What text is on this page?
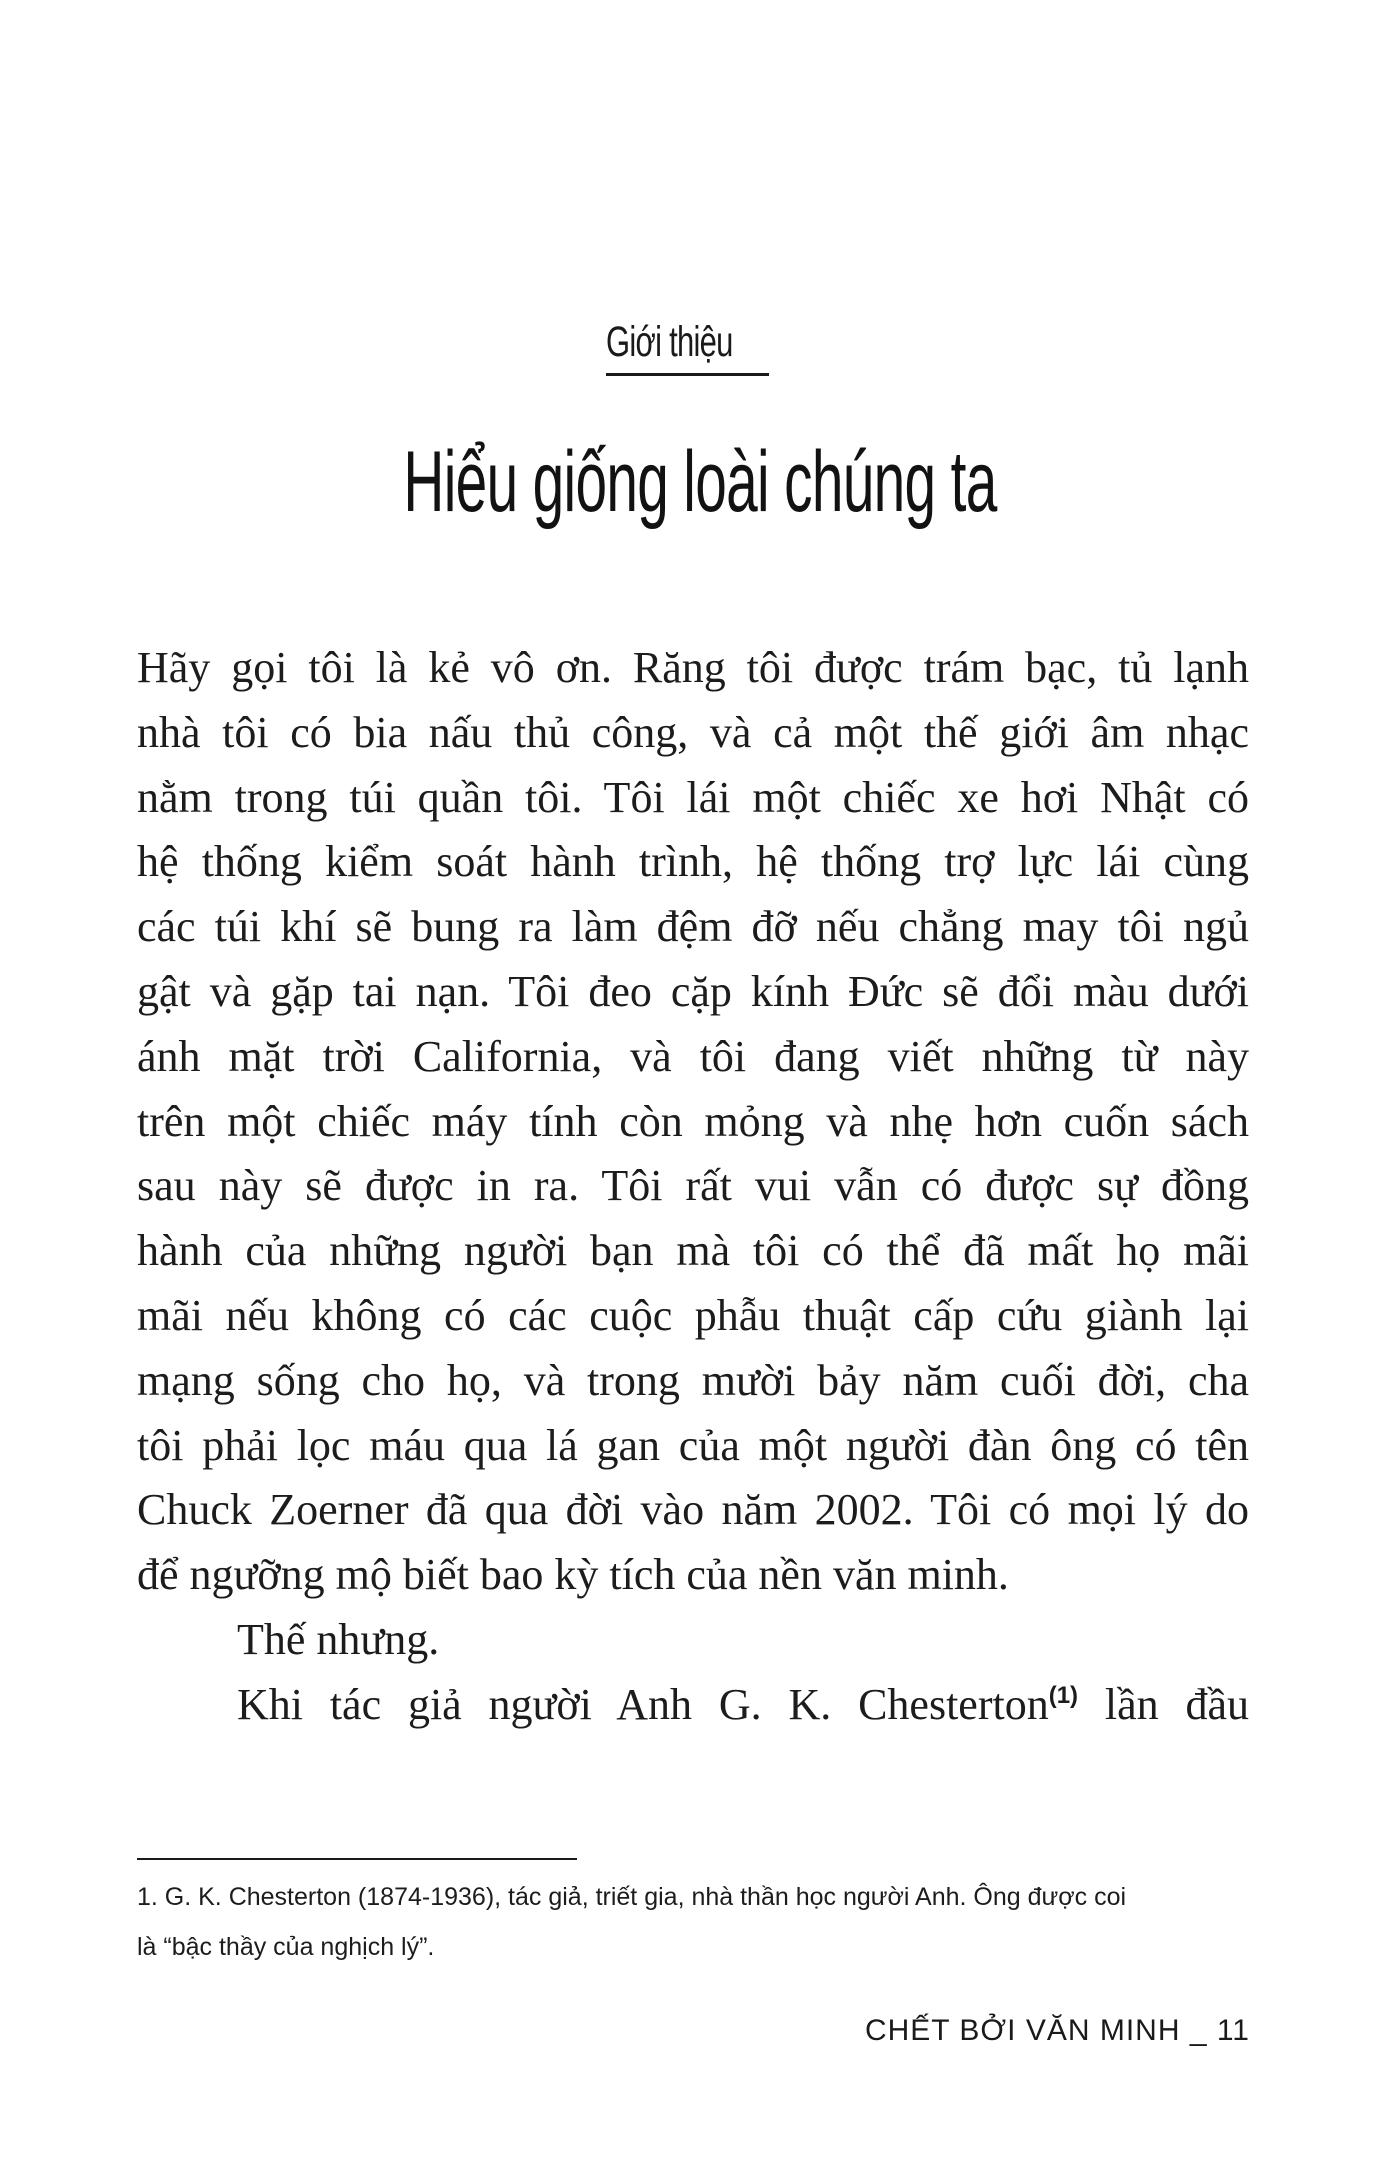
Giới thiệu
Hiểu giống loài chúng ta
Hãy gọi tôi là kẻ vô ơn. Răng tôi được trám bạc, tủ lạnh
nhà tôi có bia nấu thủ công, và cả một thế giới âm nhạc
nằm trong túi quần tôi. Tôi lái một chiếc xe hơi Nhật có
hệ thống kiểm soát hành trình, hệ thống trợ lực lái cùng
các túi khí sẽ bung ra làm đệm đỡ nếu chẳng may tôi ngủ
gật và gặp tai nạn. Tôi đeo cặp kính Đức sẽ đổi màu dưới
ánh mặt trời California, và tôi đang viết những từ này
trên một chiếc máy tính còn mỏng và nhẹ hơn cuốn sách
sau này sẽ được in ra. Tôi rất vui vẫn có được sự đồng
hành của những người bạn mà tôi có thể đã mất họ mãi
mãi nếu không có các cuộc phẫu thuật cấp cứu giành lại
mạng sống cho họ, và trong mười bảy năm cuối đời, cha
tôi phải lọc máu qua lá gan của một người đàn ông có tên
Chuck Zoerner đã qua đời vào năm 2002. Tôi có mọi lý do
để ngưỡng mộ biết bao kỳ tích của nền văn minh.
Thế nhưng.
Khi tác giả người Anh G. K. Chesterton$^{(1)}$ lần đầu
1. G. K. Chesterton (1874-1936), tác giả, triết gia, nhà thần học người Anh. Ông được coi
là “bậc thầy của nghịch lý”.
CHẾT BỞI VĂN MINH _ 11
